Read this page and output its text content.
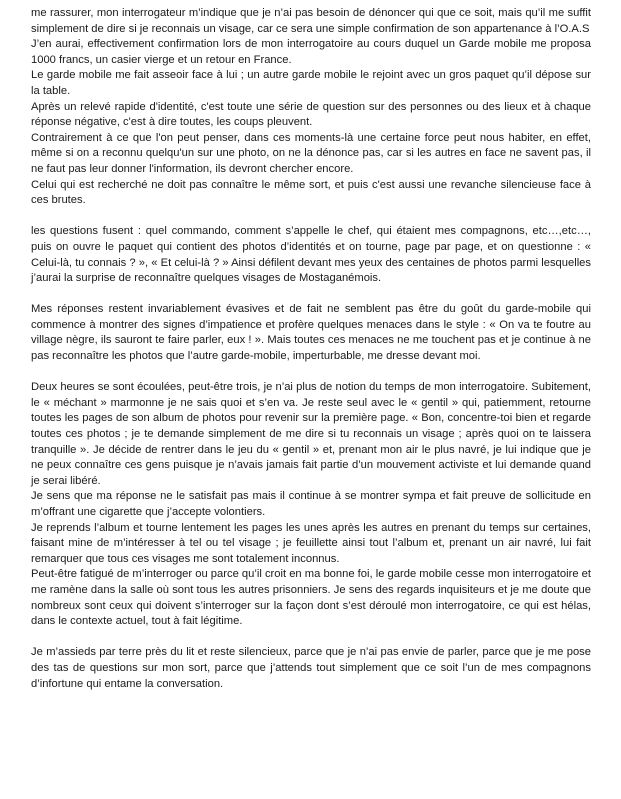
me rassurer, mon interrogateur m’indique que je n’ai pas besoin de dénoncer qui que ce soit, mais qu’il me suffit simplement de dire si je reconnais un visage, car ce sera une simple confirmation de son appartenance à l’O.A.S

J’en aurai, effectivement confirmation lors de mon interrogatoire au cours duquel un Garde mobile me proposa 1000 francs, un casier vierge et un retour en France.

Le garde mobile me fait asseoir face à lui ; un autre garde mobile le rejoint avec un gros paquet qu’il dépose sur la table.

Après un relevé rapide d'identité, c'est toute une série de question sur des personnes ou des lieux et à chaque réponse négative, c'est à dire toutes, les coups pleuvent.

Contrairement à ce que l'on peut penser, dans ces moments-là une certaine force peut nous habiter, en effet, même si on a reconnu quelqu'un sur une photo, on ne la dénonce pas, car si les autres en face ne savent pas, il ne faut pas leur donner l'information, ils devront chercher encore.

Celui qui est recherché ne doit pas connaître le même sort, et puis c'est aussi une revanche silencieuse face à ces brutes.

les questions fusent : quel commando, comment s’appelle le chef, qui étaient mes compagnons, etc…,etc…, puis on ouvre le paquet qui contient des photos d’identités et on tourne, page par page, et on questionne : « Celui-là, tu connais ? », « Et celui-là ? » Ainsi défilent devant mes yeux des centaines de photos parmi lesquelles j’aurai la surprise de reconnaître quelques visages de Mostaganémois.

Mes réponses restent invariablement évasives et de fait ne semblent pas être du goût du garde-mobile qui commence à montrer des signes d’impatience et profère quelques menaces dans le style : « On va te foutre au village nègre, ils sauront te faire parler, eux ! ». Mais toutes ces menaces ne me touchent pas et je continue à ne pas reconnaître les photos que l’autre garde-mobile, imperturbable, me dresse devant moi.

Deux heures se sont écoulées, peut-être trois, je n’ai plus de notion du temps de mon interrogatoire. Subitement, le « méchant » marmonne je ne sais quoi et s’en va. Je reste seul avec le « gentil » qui, patiemment, retourne toutes les pages de son album de photos pour revenir sur la première page. « Bon, concentre-toi bien et regarde toutes ces photos ; je te demande simplement de me dire si tu reconnais un visage ; après quoi on te laissera tranquille ». Je décide de rentrer dans le jeu du « gentil » et, prenant mon air le plus navré, je lui indique que je ne peux connaître ces gens puisque je n’avais jamais fait partie d’un mouvement activiste et lui demande quand je serai libéré.

Je sens que ma réponse ne le satisfait pas mais il continue à se montrer sympa et fait preuve de sollicitude en m’offrant une cigarette que j’accepte volontiers.

Je reprends l’album et tourne lentement les pages les unes après les autres en prenant du temps sur certaines, faisant mine de m’intéresser à tel ou tel visage ; je feuillette ainsi tout l’album et, prenant un air navré, lui fait remarquer que tous ces visages me sont totalement inconnus.

Peut-être fatigué de m’interroger ou parce qu’il croit en ma bonne foi, le garde mobile cesse mon interrogatoire et me ramène dans la salle où sont tous les autres prisonniers. Je sens des regards inquisiteurs et je me doute que nombreux sont ceux qui doivent s’interroger sur la façon dont s’est déroulé mon interrogatoire, ce qui est hélas, dans le contexte actuel, tout à fait légitime.

Je m’assieds par terre près du lit et reste silencieux, parce que je n’ai pas envie de parler, parce que je me pose des tas de questions sur mon sort, parce que j’attends tout simplement que ce soit l’un de mes compagnons d’infortune qui entame la conversation.
